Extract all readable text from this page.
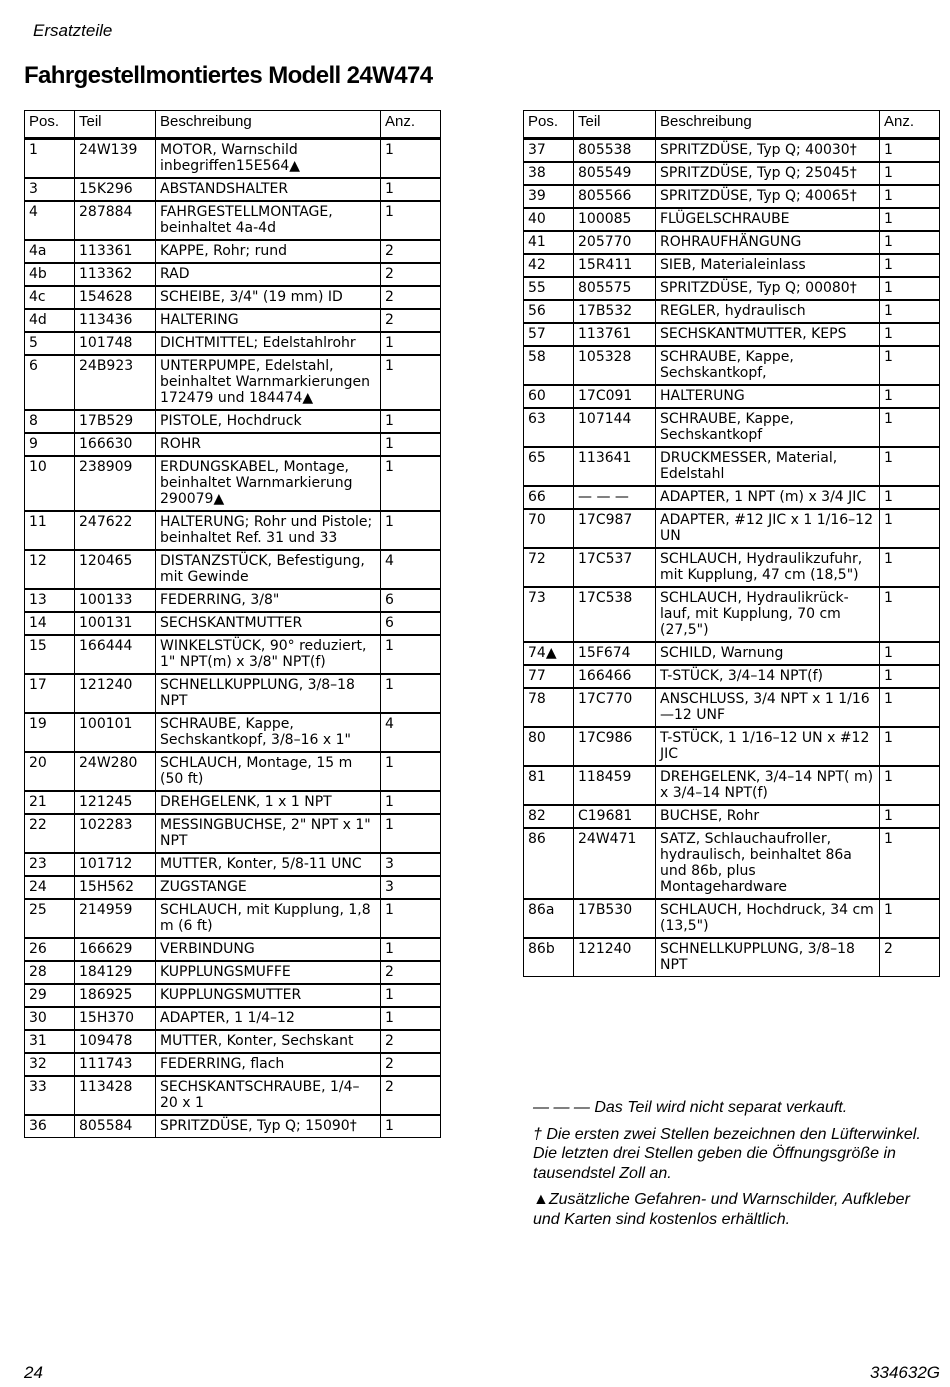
Ersatzteile
Fahrgestellmontiertes Modell 24W474
Pos.	Teil	Beschreibung	Anz.
1	24W139	MOTOR, Warnschild inbegriffen15E564▲	1
3	15K296	ABSTANDSHALTER	1
4	287884	FAHRGESTELLMONTAGE, beinhaltet 4a-4d	1
4a	113361	KAPPE, Rohr; rund	2
4b	113362	RAD	2
4c	154628	SCHEIBE, 3/4" (19 mm) ID	2
4d	113436	HALTERING	2
5	101748	DICHTMITTEL; Edelstahlrohr	1
6	24B923	UNTERPUMPE, Edelstahl, beinhaltet Warnmarkierungen 172479 und 184474▲	1
8	17B529	PISTOLE, Hochdruck	1
9	166630	ROHR	1
10	238909	ERDUNGSKABEL, Montage, beinhaltet Warnmarkierung 290079▲	1
11	247622	HALTERUNG; Rohr und Pistole; beinhaltet Ref. 31 und 33	1
12	120465	DISTANZSTÜCK, Befestigung, mit Gewinde	4
13	100133	FEDERRING, 3/8"	6
14	100131	SECHSKANTMUTTER	6
15	166444	WINKELSTÜCK, 90° reduziert, 1" NPT(m) x 3/8" NPT(f)	1
17	121240	SCHNELLKUPPLUNG, 3/8–18 NPT	1
19	100101	SCHRAUBE, Kappe, Sechskantkopf, 3/8–16 x 1"	4
20	24W280	SCHLAUCH, Montage, 15 m (50 ft)	1
21	121245	DREHGELENK, 1 x 1 NPT	1
22	102283	MESSINGBUCHSE, 2" NPT x 1" NPT	1
23	101712	MUTTER, Konter, 5/8-11 UNC	3
24	15H562	ZUGSTANGE	3
25	214959	SCHLAUCH, mit Kupplung, 1,8 m (6 ft)	1
26	166629	VERBINDUNG	1
28	184129	KUPPLUNGSMUFFE	2
29	186925	KUPPLUNGSMUTTER	1
30	15H370	ADAPTER, 1 1/4–12	1
31	109478	MUTTER, Konter, Sechskant	2
32	111743	FEDERRING, flach	2
33	113428	SECHSKANTSCHRAUBE, 1/4–20 x 1	2
36	805584	SPRITZDÜSE, Typ Q; 15090†	1
Pos.	Teil	Beschreibung	Anz.
37	805538	SPRITZDÜSE, Typ Q; 40030†	1
38	805549	SPRITZDÜSE, Typ Q; 25045†	1
39	805566	SPRITZDÜSE, Typ Q; 40065†	1
40	100085	FLÜGELSCHRAUBE	1
41	205770	ROHRAUFHÄNGUNG	1
42	15R411	SIEB, Materialeinlass	1
55	805575	SPRITZDÜSE, Typ Q; 00080†	1
56	17B532	REGLER, hydraulisch	1
57	113761	SECHSKANTMUTTER, KEPS	1
58	105328	SCHRAUBE, Kappe, Sechskantkopf,	1
60	17C091	HALTERUNG	1
63	107144	SCHRAUBE, Kappe, Sechskantkopf	1
65	113641	DRUCKMESSER, Material, Edelstahl	1
66	— — —	ADAPTER, 1 NPT (m) x 3/4 JIC	1
70	17C987	ADAPTER, #12 JIC x 1 1/16–12 UN	1
72	17C537	SCHLAUCH, Hydraulikzufuhr, mit Kupplung, 47 cm (18,5")	1
73	17C538	SCHLAUCH, Hydraulikrück- lauf, mit Kupplung, 70 cm (27,5")	1
74▲	15F674	SCHILD, Warnung	1
77	166466	T-STÜCK, 3/4–14 NPT(f)	1
78	17C770	ANSCHLUSS, 3/4 NPT x 1 1/16 —12 UNF	1
80	17C986	T-STÜCK, 1 1/16–12 UN x #12 JIC	1
81	118459	DREHGELENK, 3/4–14 NPT( m) x 3/4–14 NPT(f)	1
82	C19681	BUCHSE, Rohr	1
86	24W471	SATZ, Schlauchaufroller, hydraulisch, beinhaltet 86a und 86b, plus Montagehardware	1
86a	17B530	SCHLAUCH, Hochdruck, 34 cm (13,5")	1
86b	121240	SCHNELLKUPPLUNG, 3/8–18 NPT	2

— — — Das Teil wird nicht separat verkauft.

† Die ersten zwei Stellen bezeichnen den Lüfterwinkel. Die letzten drei Stellen geben die Öffnungsgröße in tausendstel Zoll an.

▲Zusätzliche Gefahren- und Warnschilder, Aufkleber und Karten sind kostenlos erhältlich.

24	334632G
